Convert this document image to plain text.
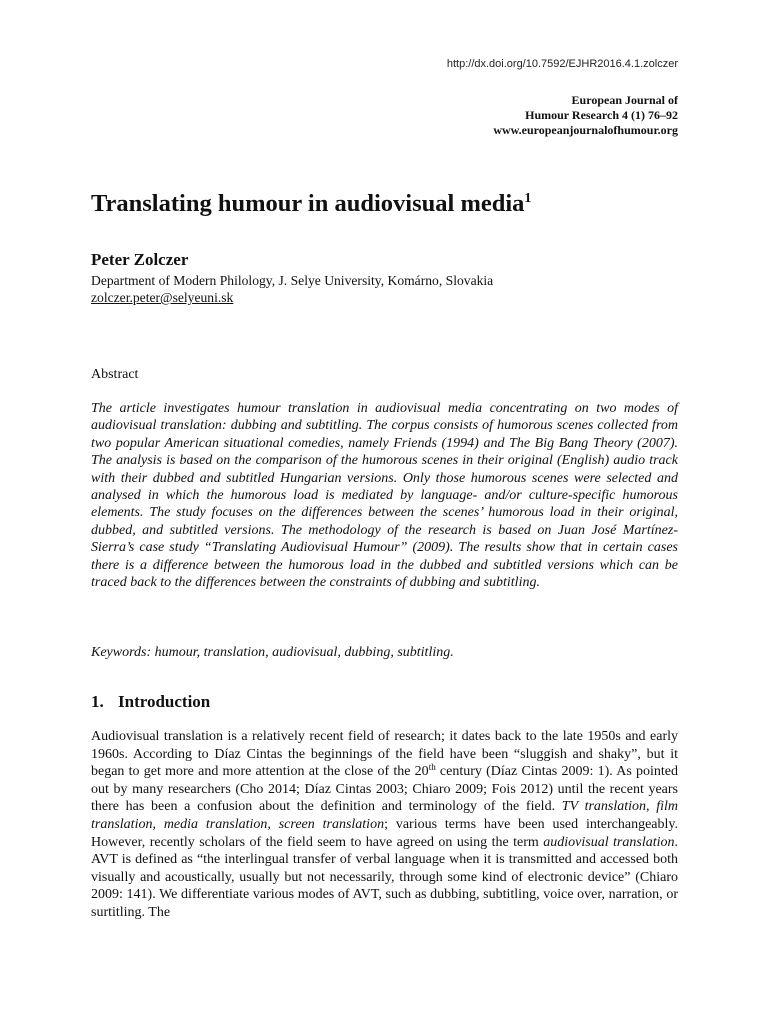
http://dx.doi.org/10.7592/EJHR2016.4.1.zolczer
European Journal of
Humour Research 4 (1) 76–92
www.europeanjournalofhumour.org
Translating humour in audiovisual media$^1$
Peter Zolczer
Department of Modern Philology, J. Selye University, Komárno, Slovakia
zolczer.peter@selyeuni.sk
Abstract

The article investigates humour translation in audiovisual media concentrating on two modes of audiovisual translation: dubbing and subtitling. The corpus consists of humorous scenes collected from two popular American situational comedies, namely Friends (1994) and The Big Bang Theory (2007). The analysis is based on the comparison of the humorous scenes in their original (English) audio track with their dubbed and subtitled Hungarian versions. Only those humorous scenes were selected and analysed in which the humorous load is mediated by language- and/or culture-specific humorous elements. The study focuses on the differences between the scenes’ humorous load in their original, dubbed, and subtitled versions. The methodology of the research is based on Juan José Martínez-Sierra’s case study “Translating Audiovisual Humour” (2009). The results show that in certain cases there is a difference between the humorous load in the dubbed and subtitled versions which can be traced back to the differences between the constraints of dubbing and subtitling.

Keywords: humour, translation, audiovisual, dubbing, subtitling.
1. Introduction

Audiovisual translation is a relatively recent field of research; it dates back to the late 1950s and early 1960s. According to Díaz Cintas the beginnings of the field have been “sluggish and shaky”, but it began to get more and more attention at the close of the 20th century (Díaz Cintas 2009: 1). As pointed out by many researchers (Cho 2014; Díaz Cintas 2003; Chiaro 2009; Fois 2012) until the recent years there has been a confusion about the definition and terminology of the field. TV translation, film translation, media translation, screen translation; various terms have been used interchangeably. However, recently scholars of the field seem to have agreed on using the term audiovisual translation. AVT is defined as “the interlingual transfer of verbal language when it is transmitted and accessed both visually and acoustically, usually but not necessarily, through some kind of electronic device” (Chiaro 2009: 141). We differentiate various modes of AVT, such as dubbing, subtitling, voice over, narration, or surtitling. The
